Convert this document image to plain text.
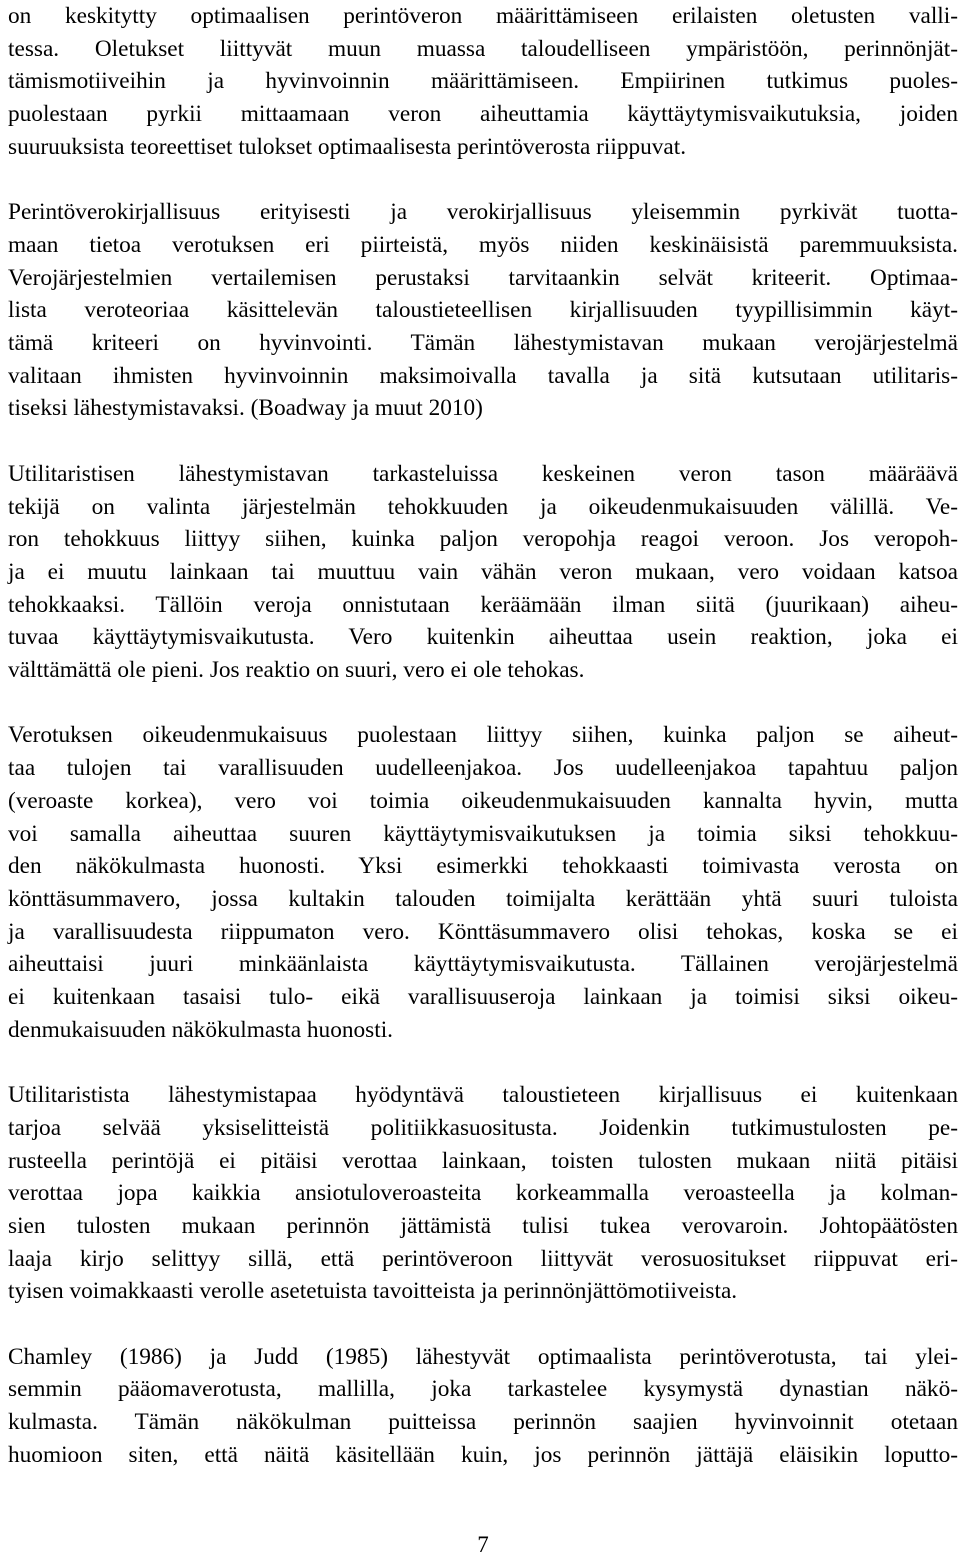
on keskitytty optimaalisen perintöveron määrittämiseen erilaisten oletusten valli-
tessa. Oletukset liittyvät muun muassa taloudelliseen ympäristöön, perinnönjät-
tämismotiiveihin ja hyvinvoinnin määrittämiseen. Empiirinen tutkimus puoles-
puolestaan pyrkii mittaamaan veron aiheuttamia käyttäytymisvaikutuksia, joiden
suuruuksista teoreettiset tulokset optimaalisesta perintöverosta riippuvat.
Perintöverokirjallisuus erityisesti ja verokirjallisuus yleisemmin pyrkivät tuotta-
maan tietoa verotuksen eri piirteistä, myös niiden keskinäisistä paremmuuksista.
Verojärjestelmien vertailemisen perustaksi tarvitaankin selvät kriteerit. Optimaa-
lista veroteoriaa käsittelevän taloustieteellisen kirjallisuuden tyypillisimmin käyt-
tämä kriteeri on hyvinvointi. Tämän lähestymistavan mukaan verojärjestelmä
valitaan ihmisten hyvinvoinnin maksimoivalla tavalla ja sitä kutsutaan utilitaris-
tiseksi lähestymistavaksi. (Boadway ja muut 2010)
Utilitaristisen lähestymistavan tarkasteluissa keskeinen veron tason määräävä
tekijä on valinta järjestelmän tehokkuuden ja oikeudenmukaisuuden välillä. Ve-
ron tehokkuus liittyy siihen, kuinka paljon veropohja reagoi veroon. Jos veropoh-
ja ei muutu lainkaan tai muuttuu vain vähän veron mukaan, vero voidaan katsoa
tehokkaaksi. Tällöin veroja onnistutaan keräämään ilman siitä (juurikaan) aiheu-
tuvaa käyttäytymisvaikutusta. Vero kuitenkin aiheuttaa usein reaktion, joka ei
välttämättä ole pieni. Jos reaktio on suuri, vero ei ole tehokas.
Verotuksen oikeudenmukaisuus puolestaan liittyy siihen, kuinka paljon se aiheut-
taa tulojen tai varallisuuden uudelleenjakoa. Jos uudelleenjakoa tapahtuu paljon
(veroaste korkea), vero voi toimia oikeudenmukaisuuden kannalta hyvin, mutta
voi samalla aiheuttaa suuren käyttäytymisvaikutuksen ja toimia siksi tehokkuu-
den näkökulmasta huonosti. Yksi esimerkki tehokkaasti toimivasta verosta on
könttäsummavero, jossa kultakin talouden toimijalta kerättään yhtä suuri tuloista
ja varallisuudesta riippumaton vero. Könttäsummavero olisi tehokas, koska se ei
aiheuttaisi juuri minkäänlaista käyttäytymisvaikutusta. Tällainen verojärjestelmä
ei kuitenkaan tasaisi tulo- eikä varallisuuseroja lainkaan ja toimisi siksi oikeu-
denmukaisuuden näkökulmasta huonosti.
Utilitaristista lähestymistapaa hyödyntävä taloustieteen kirjallisuus ei kuitenkaan
tarjoa selvää yksiselitteistä politiikkasuositusta. Joidenkin tutkimustulosten pe-
rusteella perintöjä ei pitäisi verottaa lainkaan, toisten tulosten mukaan niitä pitäisi
verottaa jopa kaikkia ansiotuloveroasteita korkeammalla veroasteella ja kolman-
sien tulosten mukaan perinnön jättämistä tulisi tukea verovaroin. Johtopäätösten
laaja kirjo selittyy sillä, että perintöveroon liittyvät verosuositukset riippuvat eri-
tyisen voimakkaasti verolle asetetuista tavoitteista ja perinnönjättömotiiveista.
Chamley (1986) ja Judd (1985) lähestyvät optimaalista perintöverotusta, tai ylei-
semmin pääomaverotusta, mallilla, joka tarkastelee kysymystä dynastian näkö-
kulmasta. Tämän näkökulman puitteissa perinnön saajien hyvinvoinnit otetaan
huomioon siten, että näitä käsitellään kuin, jos perinnön jättäjä eläisikin loputto-
7
